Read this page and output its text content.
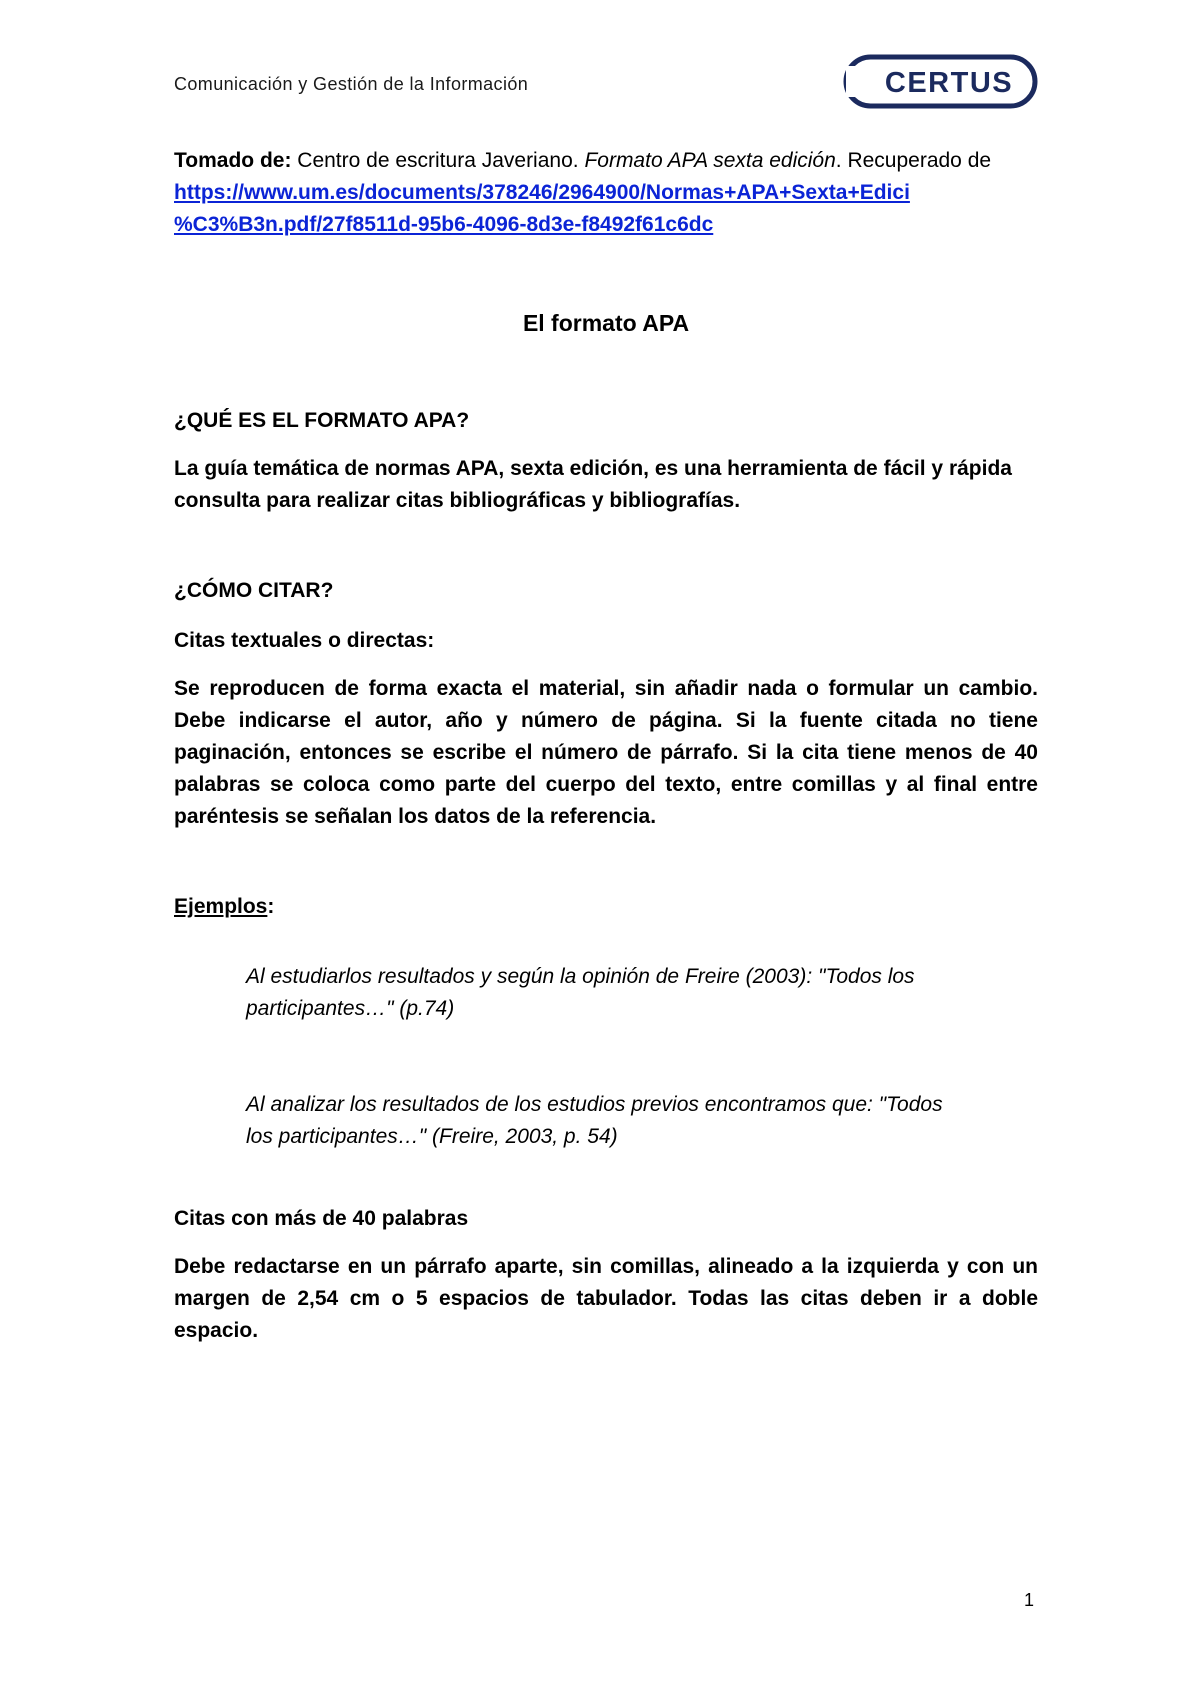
Comunicación y Gestión de la Información	CERTUS
Tomado de: Centro de escritura Javeriano. Formato APA sexta edición. Recuperado de
https://www.um.es/documents/378246/2964900/Normas+APA+Sexta+Edici
%C3%B3n.pdf/27f8511d-95b6-4096-8d3e-f8492f61c6dc
El formato APA
¿QUÉ ES EL FORMATO APA?
La guía temática de normas APA, sexta edición, es una herramienta de fácil y rápida consulta para realizar citas bibliográficas y bibliografías.
¿CÓMO CITAR?
Citas textuales o directas:
Se reproducen de forma exacta el material, sin añadir nada o formular un cambio. Debe indicarse el autor, año y número de página. Si la fuente citada no tiene paginación, entonces se escribe el número de párrafo. Si la cita tiene menos de 40 palabras se coloca como parte del cuerpo del texto, entre comillas y al final entre paréntesis se señalan los datos de la referencia.
Ejemplos:
Al estudiarlos resultados y según la opinión de Freire (2003): "Todos los participantes…" (p.74)
Al analizar los resultados de los estudios previos encontramos que: "Todos los participantes…" (Freire, 2003, p. 54)
Citas con más de 40 palabras
Debe redactarse en un párrafo aparte, sin comillas, alineado a la izquierda y con un margen de 2,54 cm o 5 espacios de tabulador. Todas las citas deben ir a doble espacio.
1
